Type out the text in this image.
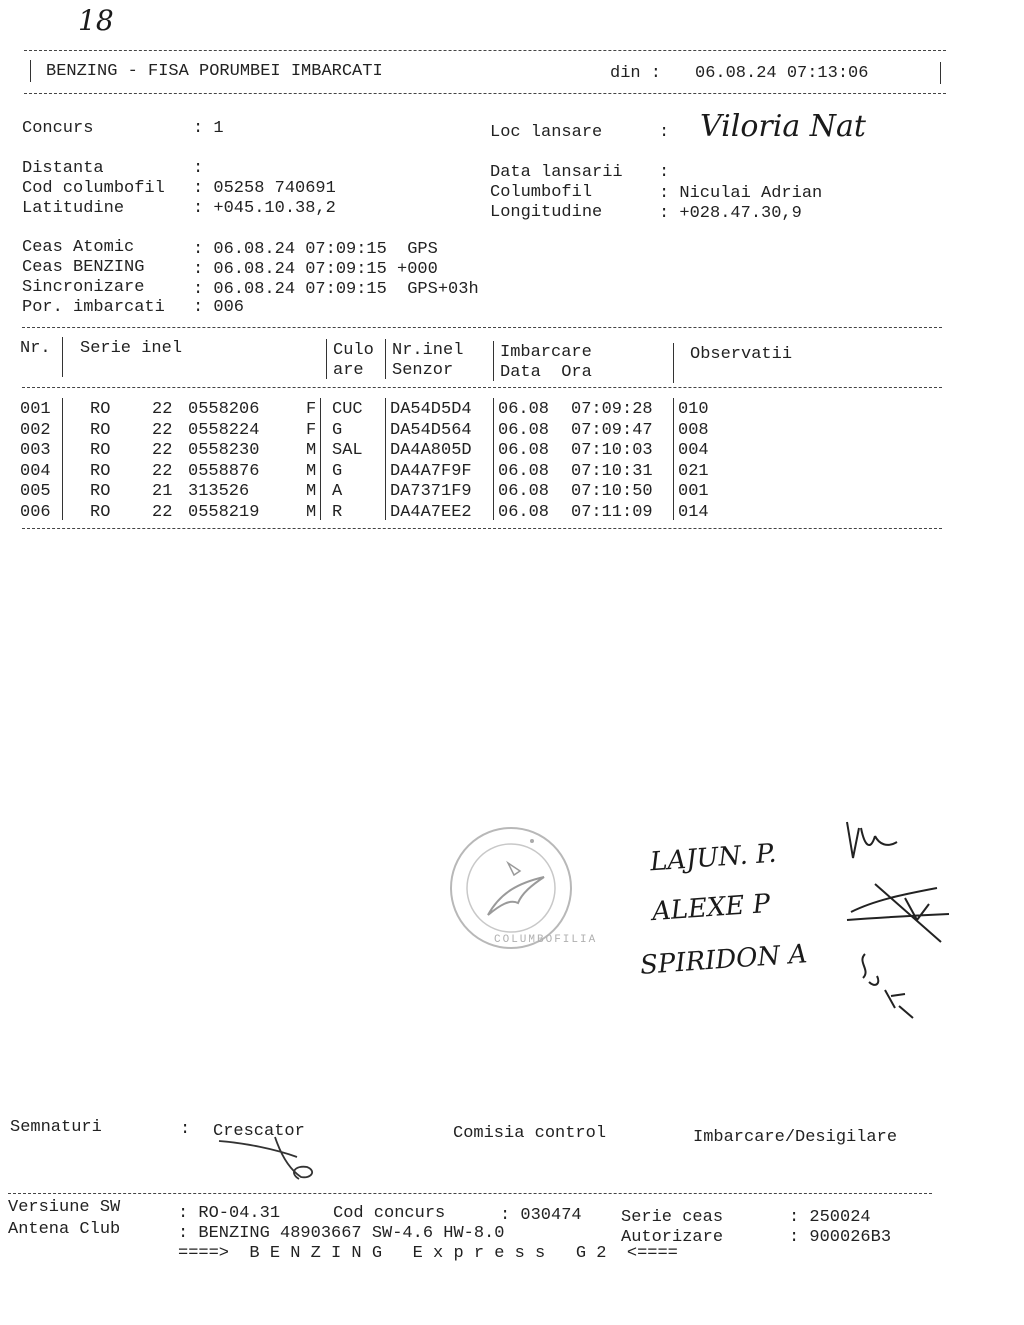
18
BENZING - FISA PORUMBEI IMBARCATI	din : 06.08.24 07:13:06
Concurs	: 1	Loc lansare	: Viloria Nat
Distanta	:
Cod columbofil : 05258 740691
Latitudine	: +045.10.38,2
Data lansarii :
Columbofil	: Niculai Adrian
Longitudine	: +028.47.30,9
Ceas Atomic	: 06.08.24 07:09:15  GPS
Ceas BENZING	: 06.08.24 07:09:15 +000
Sincronizare	: 06.08.24 07:09:15  GPS+03h
Por. imbarcati : 006
Nr. Serie inel	Culo
are
Nr.inel
Senzor
Imbarcare
Data  Ora
Observatii
001 RO 22 0558206	F CUC DA54D5D4 06.08 07:09:28 010
002 RO 22 0558224	F G	DA54D564 06.08 07:09:47 008
003 RO 22 0558230	M SAL DA4A805D 06.08 07:10:03 004
004 RO 22 0558876	M G	DA4A7F9F 06.08 07:10:31 021
005 RO 21 313526	M A	DA7371F9 06.08 07:10:50 001
006 RO 22 0558219	M R	DA4A7EE2 06.08 07:11:09 014
COLUMBOFILIA
LAJUN. P.
ALEXE P
SPIRIDON A
Semnaturi	: Crescator	Comisia control	Imbarcare/Desigilare
Versiune SW	: RO-04.31	Cod concurs	: 030474 Serie ceas	: 250024
Antena Club	: BENZING 48903667 SW-4.6 HW-8.0	Autorizare	: 900026B3
====>  B E N Z I N G   E x p r e s s   G 2  <====
